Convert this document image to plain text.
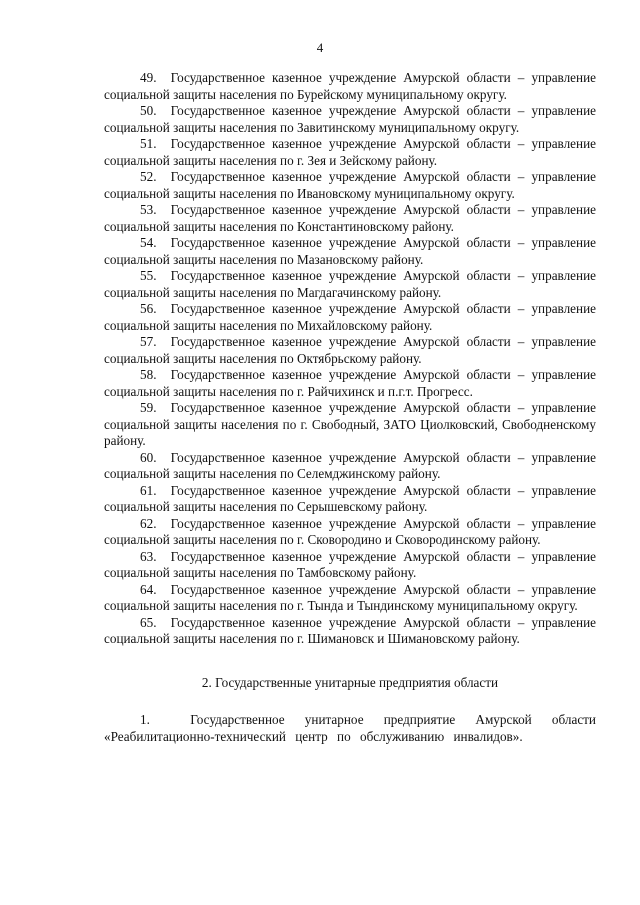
4

49. Государственное казенное учреждение Амурской области – управление социальной защиты населения по Бурейскому муниципальному округу.

50. Государственное казенное учреждение Амурской области – управление социальной защиты населения по Завитинскому муниципальному округу.

51. Государственное казенное учреждение Амурской области – управление социальной защиты населения по г. Зея и Зейскому району.

52. Государственное казенное учреждение Амурской области – управление социальной защиты населения по Ивановскому муниципальному округу.

53. Государственное казенное учреждение Амурской области – управление социальной защиты населения по Константиновскому району.

54. Государственное казенное учреждение Амурской области – управление социальной защиты населения по Мазановскому району.

55. Государственное казенное учреждение Амурской области – управление социальной защиты населения по Магдагачинскому району.

56. Государственное казенное учреждение Амурской области – управление социальной защиты населения по Михайловскому району.

57. Государственное казенное учреждение Амурской области – управление социальной защиты населения по Октябрьскому району.

58. Государственное казенное учреждение Амурской области – управление социальной защиты населения по г. Райчихинск и п.г.т. Прогресс.

59. Государственное казенное учреждение Амурской области – управление социальной защиты населения по г. Свободный, ЗАТО Циолковский, Свободненскому району.

60. Государственное казенное учреждение Амурской области – управление социальной защиты населения по Селемджинскому району.

61. Государственное казенное учреждение Амурской области – управление социальной защиты населения по Серышевскому району.

62. Государственное казенное учреждение Амурской области – управление социальной защиты населения по г. Сковородино и Сковородинскому району.

63. Государственное казенное учреждение Амурской области – управление социальной защиты населения по Тамбовскому району.

64. Государственное казенное учреждение Амурской области – управление социальной защиты населения по г. Тында и Тындинскому муниципальному округу.

65. Государственное казенное учреждение Амурской области – управление социальной защиты населения по г. Шимановск и Шимановскому району.

2. Государственные унитарные предприятия области

1.	Государственное унитарное предприятие Амурской области «Реабилитационно-технический центр по обслуживанию инвалидов».
